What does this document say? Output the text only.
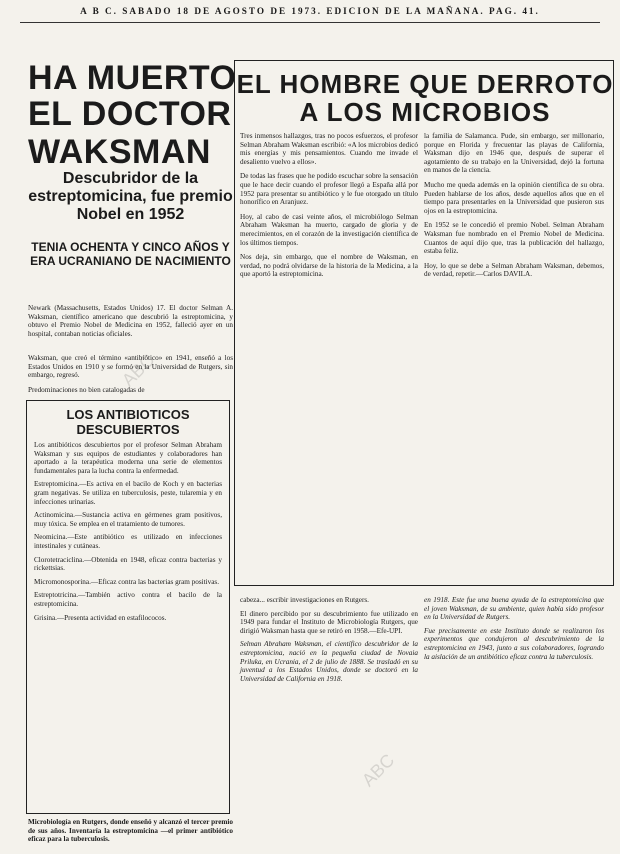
A B C. SABADO 18 DE AGOSTO DE 1973. EDICION DE LA MAÑANA. PAG. 41.
HA MUERTO
EL DOCTOR
WAKSMAN
Descubridor de la estreptomicina, fue premio Nobel en 1952
TENIA OCHENTA Y CINCO AÑOS Y ERA UCRANIANO DE NACIMIENTO
Newark (Massachusetts, Estados Unidos) 17. El doctor Selman A. Waksman, científico americano que descubrió la estreptomicina, y obtuvo el Premio Nobel de Medicina en 1952, falleció ayer en un hospital, contaban noticias oficiales.
Waksman, que creó el término «antibiótico» en 1941, enseñó a los Estados Unidos en 1910 y se formó en la Universidad de Rutgers, sin embargo, regresó.
Predominaciones no bien catalogadas de
LOS ANTIBIOTICOS DESCUBIERTOS

Los antibióticos descubiertos por el profesor Selman Abraham Waksman y sus equipos de estudiantes y colaboradores han aportado a la terapéutica moderna una serie de elementos fundamentales para la lucha contra la enfermedad.

Estreptomicina.—Es activa en el bacilo de Koch y en bacterias gram negativas. Se utiliza en tuberculosis, peste, tularemia y en infecciones urinarias.

Actinomicina.—Sustancia activa en gérmenes gram positivos, muy tóxica. Se emplea en el tratamiento de tumores.

Neomicina.—Este antibiótico es utilizado en infecciones intestinales y cutáneas.

Clorotetraciclina.—Obtenida en 1948, eficaz contra bacterias y rickettsias.

Micromonosporina.—Eficaz contra las bacterias gram positivas.

Estreptotricina.—También activo contra el bacilo de la estreptomicina.

Grisina.—Presenta actividad en estafilococos.

Microbiología en Rutgers, donde enseñó y alcanzó el tercer premio de sus años. Inventaría la estreptomicina —el primer antibiótico eficaz para la tuberculosis.
EL HOMBRE QUE DERROTO A LOS MICROBIOS

Tres inmensos hallazgos, tras no pocos esfuerzos, el profesor Selman Abraham Waksman escribió: «A los microbios dedicó mis energías y mis pensamientos. Cuando me invade el desaliento vuelvo a ellos».

De todas las frases que he podido escuchar sobre la sensación que le hace decir cuando el profesor llegó a España allá por 1952 para presentar su antibiótico y le fue otorgado un título honorífico en Aranjuez.

Hoy, al cabo de casi veinte años, el microbiólogo Selman Abraham Waksman ha muerto, cargado de gloria y de merecimientos, en el corazón de la investigación científica de los últimos tiempos.

Nos deja, sin embargo, que el nombre de Waksman, en verdad, no podrá olvidarse de la historia de la Medicina, a la que aportó la estreptomicina.

la familia de Salamanca. Pude, sin embargo, ser millonario, porque en Florida y frecuentar las playas de California, Waksman dijo en 1946 que, después de superar el agotamiento de su trabajo en la Universidad, dejó la fortuna en manos de la ciencia.

Mucho me queda además en la opinión científica de su obra. Pueden hablarse de los años, desde aquellos años que en el tiempo para presentarles en la Universidad que pusieron sus ojos en la estreptomicina.

En 1952 se le concedió el premio Nobel. Selman Abraham Waksman fue nombrado en el Premio Nobel de Medicina. Cuantos de aquí dijo que, tras la publicación del hallazgo, estaba feliz.

Hoy, lo que se debe a Selman Abraham Waksman, debemos, de verdad, repetir.—Carlos DAVILA.

cabeza... escribir investigaciones en Rutgers.

El dinero percibido por su descubrimiento fue utilizado en 1949 para fundar el Instituto de Microbiología Rutgers, que dirigió Waksman hasta que se retiró en 1958.—Efe-UPI.

Selman Abraham Waksman, el científico descubridor de la estreptomicina, nació en la pequeña ciudad de Novaia Priluka, en Ucrania, el 2 de julio de 1888. Se trasladó en su juventud a los Estados Unidos, donde se doctoró en la Universidad de California en 1918.

en 1918. Este fue una buena ayuda de la estreptomicina que el joven Waksman, de su ambiente, quien había sido profesor en la Universidad de Rutgers.

Fue precisamente en este Instituto donde se realizaron los experimentos que condujeron al descubrimiento de la estreptomicina en 1943, junto a sus colaboradores, logrando la aislación de un antibiótico eficaz contra la tuberculosis.

ABC
ABC
